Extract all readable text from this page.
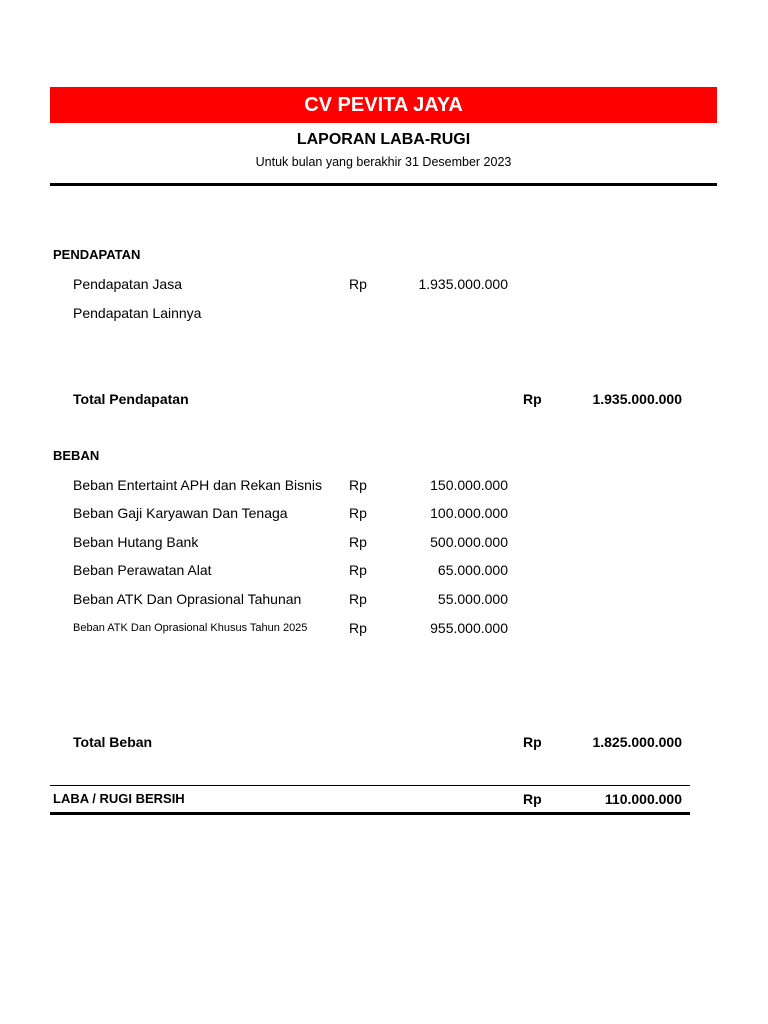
CV PEVITA JAYA
LAPORAN LABA-RUGI
Untuk bulan yang berakhir 31 Desember 2023
PENDAPATAN
Pendapatan Jasa	Rp	1.935.000.000
Pendapatan Lainnya
Total Pendapatan	Rp	1.935.000.000
BEBAN
Beban Entertaint APH dan Rekan Bisnis Rp	150.000.000
Beban Gaji Karyawan Dan Tenaga	Rp	100.000.000
Beban Hutang Bank	Rp	500.000.000
Beban Perawatan Alat	Rp	65.000.000
Beban ATK Dan Oprasional Tahunan	Rp	55.000.000
Beban ATK Dan Oprasional Khusus Tahun 2025	Rp	955.000.000
Total Beban	Rp	1.825.000.000
LABA / RUGI BERSIH	Rp	110.000.000
